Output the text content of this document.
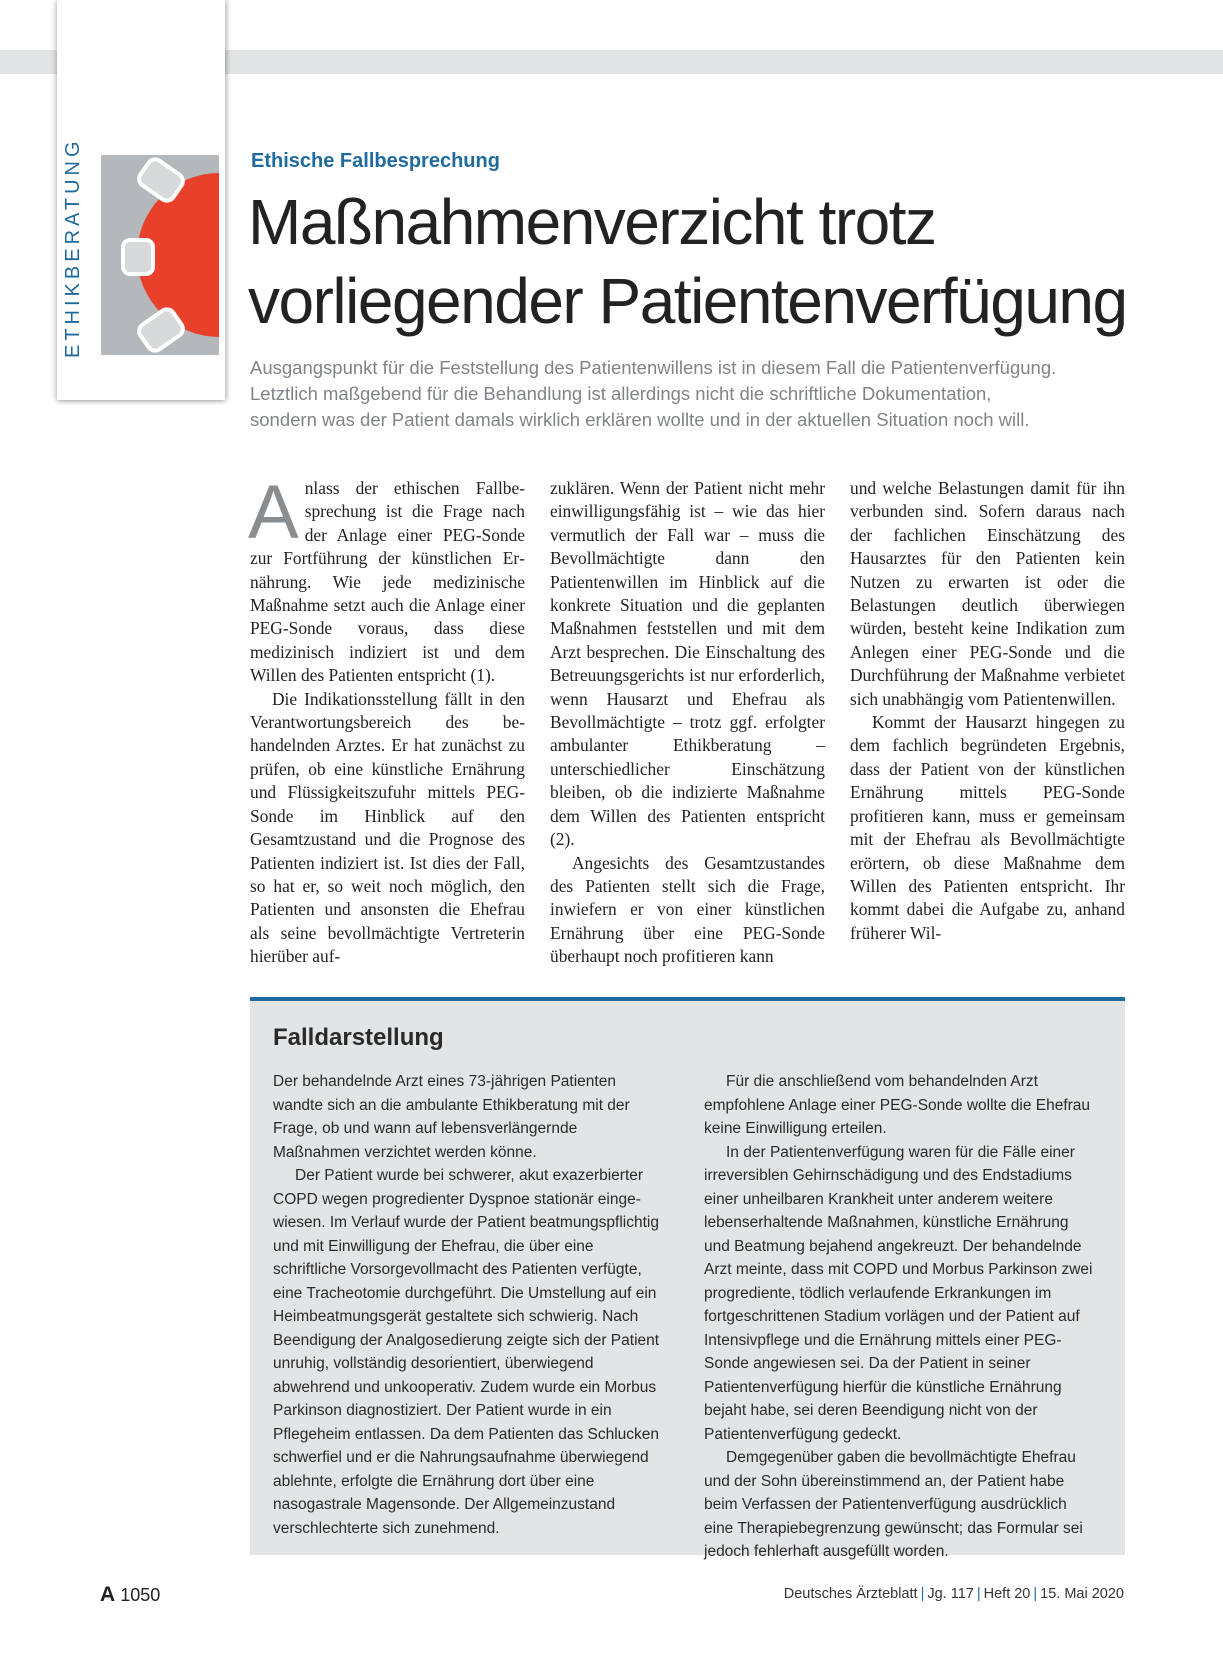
ETHIKBERATUNG	Ethische Fallbesprechung

Maßnahmenverzicht trotz
vorliegender Patientenverfügung

Ausgangspunkt für die Feststellung des Patientenwillens ist in diesem Fall die Patientenverfügung.
Letztlich maßgebend für die Behandlung ist allerdings nicht die schriftliche Dokumentation,
sondern was der Patient damals wirklich erklären wollte und in der aktuellen Situation noch will.

Anlass der ethischen Fallbesprechung ist die Frage nach der Anlage einer PEG-Sonde zur Fortführung der künstlichen Ernährung. Wie jede medizinische Maßnahme setzt auch die Anlage einer PEG-Sonde voraus, dass diese medizinisch indiziert ist und dem Willen des Patienten entspricht (1).

Die Indikationsstellung fällt in den Verantwortungsbereich des behandelnden Arztes. Er hat zunächst zu prüfen, ob eine künstliche Ernährung und Flüssigkeitszufuhr mittels PEG-Sonde im Hinblick auf den Gesamtzustand und die Prognose des Patienten indiziert ist. Ist dies der Fall, so hat er, so weit noch möglich, den Patienten und ansonsten die Ehefrau als seine bevollmächtigte Vertreterin hierüber auf-

zuklären. Wenn der Patient nicht mehr einwilligungsfähig ist – wie das hier vermutlich der Fall war – muss die Bevollmächtigte dann den Patientenwillen im Hinblick auf die konkrete Situation und die geplanten Maßnahmen feststellen und mit dem Arzt besprechen. Die Einschaltung des Betreuungsgerichts ist nur erforderlich, wenn Hausarzt und Ehefrau als Bevollmächtigte – trotz ggf. erfolgter ambulanter Ethikberatung – unterschiedlicher Einschätzung bleiben, ob die indizierte Maßnahme dem Willen des Patienten entspricht (2).

Angesichts des Gesamtzustandes des Patienten stellt sich die Frage, inwiefern er von einer künstlichen Ernährung über eine PEG-Sonde überhaupt noch profitieren kann

und welche Belastungen damit für ihn verbunden sind. Sofern daraus nach der fachlichen Einschätzung des Hausarztes für den Patienten kein Nutzen zu erwarten ist oder die Belastungen deutlich überwiegen würden, besteht keine Indikation zum Anlegen einer PEG-Sonde und die Durchführung der Maßnahme verbietet sich unabhängig vom Patientenwillen.

Kommt der Hausarzt hingegen zu dem fachlich begründeten Ergebnis, dass der Patient von der künstlichen Ernährung mittels PEG-Sonde profitieren kann, muss er gemeinsam mit der Ehefrau als Bevollmächtigte erörtern, ob diese Maßnahme dem Willen des Patienten entspricht. Ihr kommt dabei die Aufgabe zu, anhand früherer Wil-

Falldarstellung

Der behandelnde Arzt eines 73-jährigen Patienten wandte sich an die ambulante Ethikberatung mit der Frage, ob und wann auf lebensverlängernde Maßnahmen verzichtet werden könne.

Der Patient wurde bei schwerer, akut exazerbierter COPD wegen progredienter Dyspnoe stationär eingewiesen. Im Verlauf wurde der Patient beatmungspflichtig und mit Einwilligung der Ehefrau, die über eine schriftliche Vorsorgevollmacht des Patienten verfügte, eine Tracheotomie durchgeführt. Die Umstellung auf ein Heimbeatmungsgerät gestaltete sich schwierig. Nach Beendigung der Analgosedierung zeigte sich der Patient unruhig, vollständig desorientiert, überwiegend abwehrend und unkooperativ. Zudem wurde ein Morbus Parkinson diagnostiziert. Der Patient wurde in ein Pflegeheim entlassen. Da dem Patienten das Schlucken schwerfiel und er die Nahrungsaufnahme überwiegend ablehnte, erfolgte die Ernährung dort über eine nasogastrale Magensonde. Der Allgemeinzustand verschlechterte sich zunehmend.

Für die anschließend vom behandelnden Arzt empfohlene Anlage einer PEG-Sonde wollte die Ehefrau keine Einwilligung erteilen.

In der Patientenverfügung waren für die Fälle einer irreversiblen Gehirnschädigung und des Endstadiums einer unheilbaren Krankheit unter anderem weitere lebenserhaltende Maßnahmen, künstliche Ernährung und Beatmung bejahend angekreuzt. Der behandelnde Arzt meinte, dass mit COPD und Morbus Parkinson zwei progrediente, tödlich verlaufende Erkrankungen im fortgeschrittenen Stadium vorlägen und der Patient auf Intensivpflege und die Ernährung mittels einer PEG-Sonde angewiesen sei. Da der Patient in seiner Patientenverfügung hierfür die künstliche Ernährung bejaht habe, sei deren Beendigung nicht von der Patientenverfügung gedeckt.

Demgegenüber gaben die bevollmächtigte Ehefrau und der Sohn übereinstimmend an, der Patient habe beim Verfassen der Patientenverfügung ausdrücklich eine Therapiebegrenzung gewünscht; das Formular sei jedoch fehlerhaft ausgefüllt worden.

A 1050	Deutsches Ärzteblatt | Jg. 117 | Heft 20 | 15. Mai 2020
